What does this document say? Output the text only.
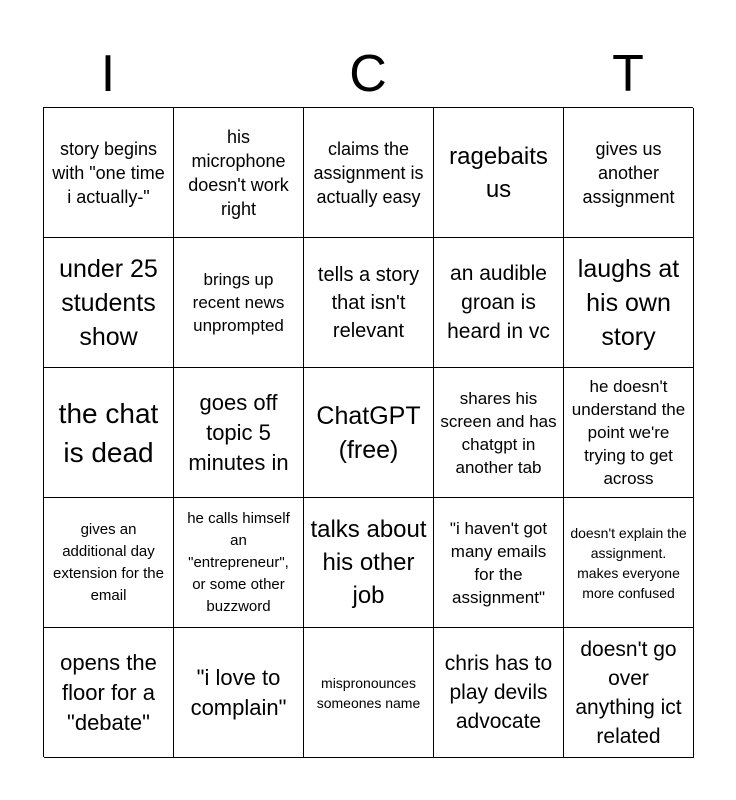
I	C	T
story begins with "one time i actually-"
his microphone doesn't work right
claims the assignment is actually easy
ragebaits us
gives us another assignment
under 25 students show
brings up recent news unprompted
tells a story that isn't relevant
an audible groan is heard in vc
laughs at his own story
the chat is dead
goes off topic 5 minutes in
ChatGPT (free)
shares his screen and has chatgpt in another tab
he doesn't understand the point we're trying to get across
gives an additional day extension for the email
he calls himself an "entrepreneur", or some other buzzword
talks about his other job
"i haven't got many emails for the assignment"
doesn't explain the assignment. makes everyone more confused
opens the floor for a "debate"
"i love to complain"
mispronounces someones name
chris has to play devils advocate
doesn't go over anything ict related
